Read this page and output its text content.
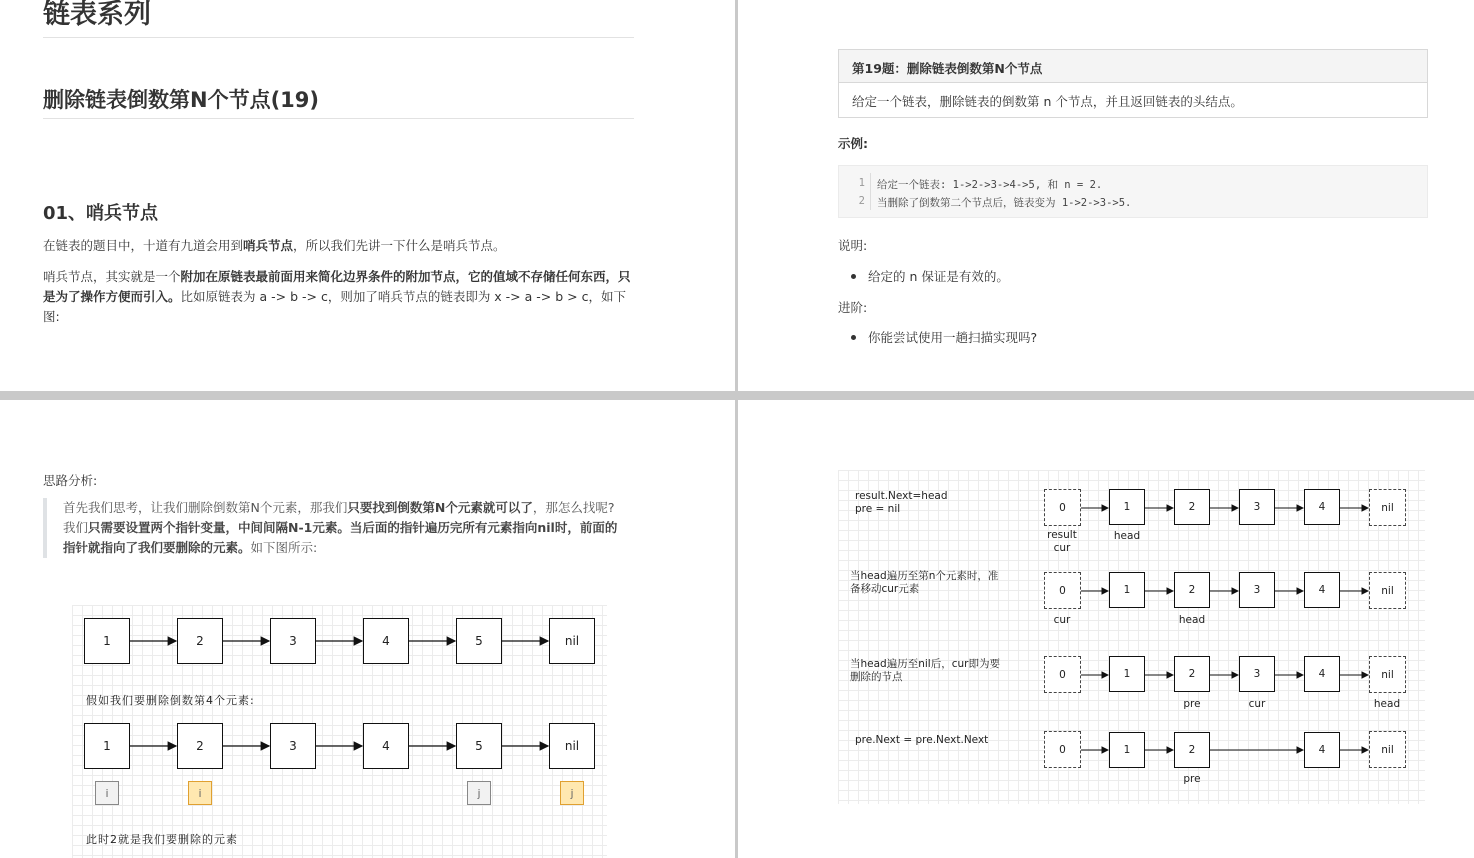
链表系列
删除链表倒数第N个节点(19)
01、哨兵节点
在链表的题目中，十道有九道会用到哨兵节点，所以我们先讲一下什么是哨兵节点。
哨兵节点，其实就是一个附加在原链表最前面用来简化边界条件的附加节点，它的值域不存储任何东西，只是为了操作方便而引入。比如原链表为 a -> b -> c，则加了哨兵节点的链表即为 x -> a -> b > c，如下图:
第19题：删除链表倒数第N个节点
给定一个链表，删除链表的倒数第 n 个节点，并且返回链表的头结点。
示例:
1 给定一个链表: 1->2->3->4->5, 和 n = 2.
2 当删除了倒数第二个节点后，链表变为 1->2->3->5.
说明:
给定的 n 保证是有效的。
进阶:
你能尝试使用一趟扫描实现吗?
思路分析:
首先我们思考，让我们删除倒数第N个元素，那我们只要找到倒数第N个元素就可以了，那怎么找呢? 我们只需要设置两个指针变量，中间间隔N-1元素。当后面的指针遍历完所有元素指向nil时，前面的指针就指向了我们要删除的元素。如下图所示:
1	2	3	4	5	nil
假如我们要删除倒数第4个元素:
1	2	3	4	5	nil
i	i	j	j
此时2就是我们要删除的元素
result.Next=head
pre = nil	0	1	2	3	4	nil
result
cur
head
当head遍历至第n个元素时，准
备移动cur元素	0	1	2	3	4	nil
cur	head
当head遍历至nil后，cur即为要
删除的节点	0	1	2	3	4	nil
pre	cur	head
pre.Next = pre.Next.Next
0	1	2	4	nil
pre
